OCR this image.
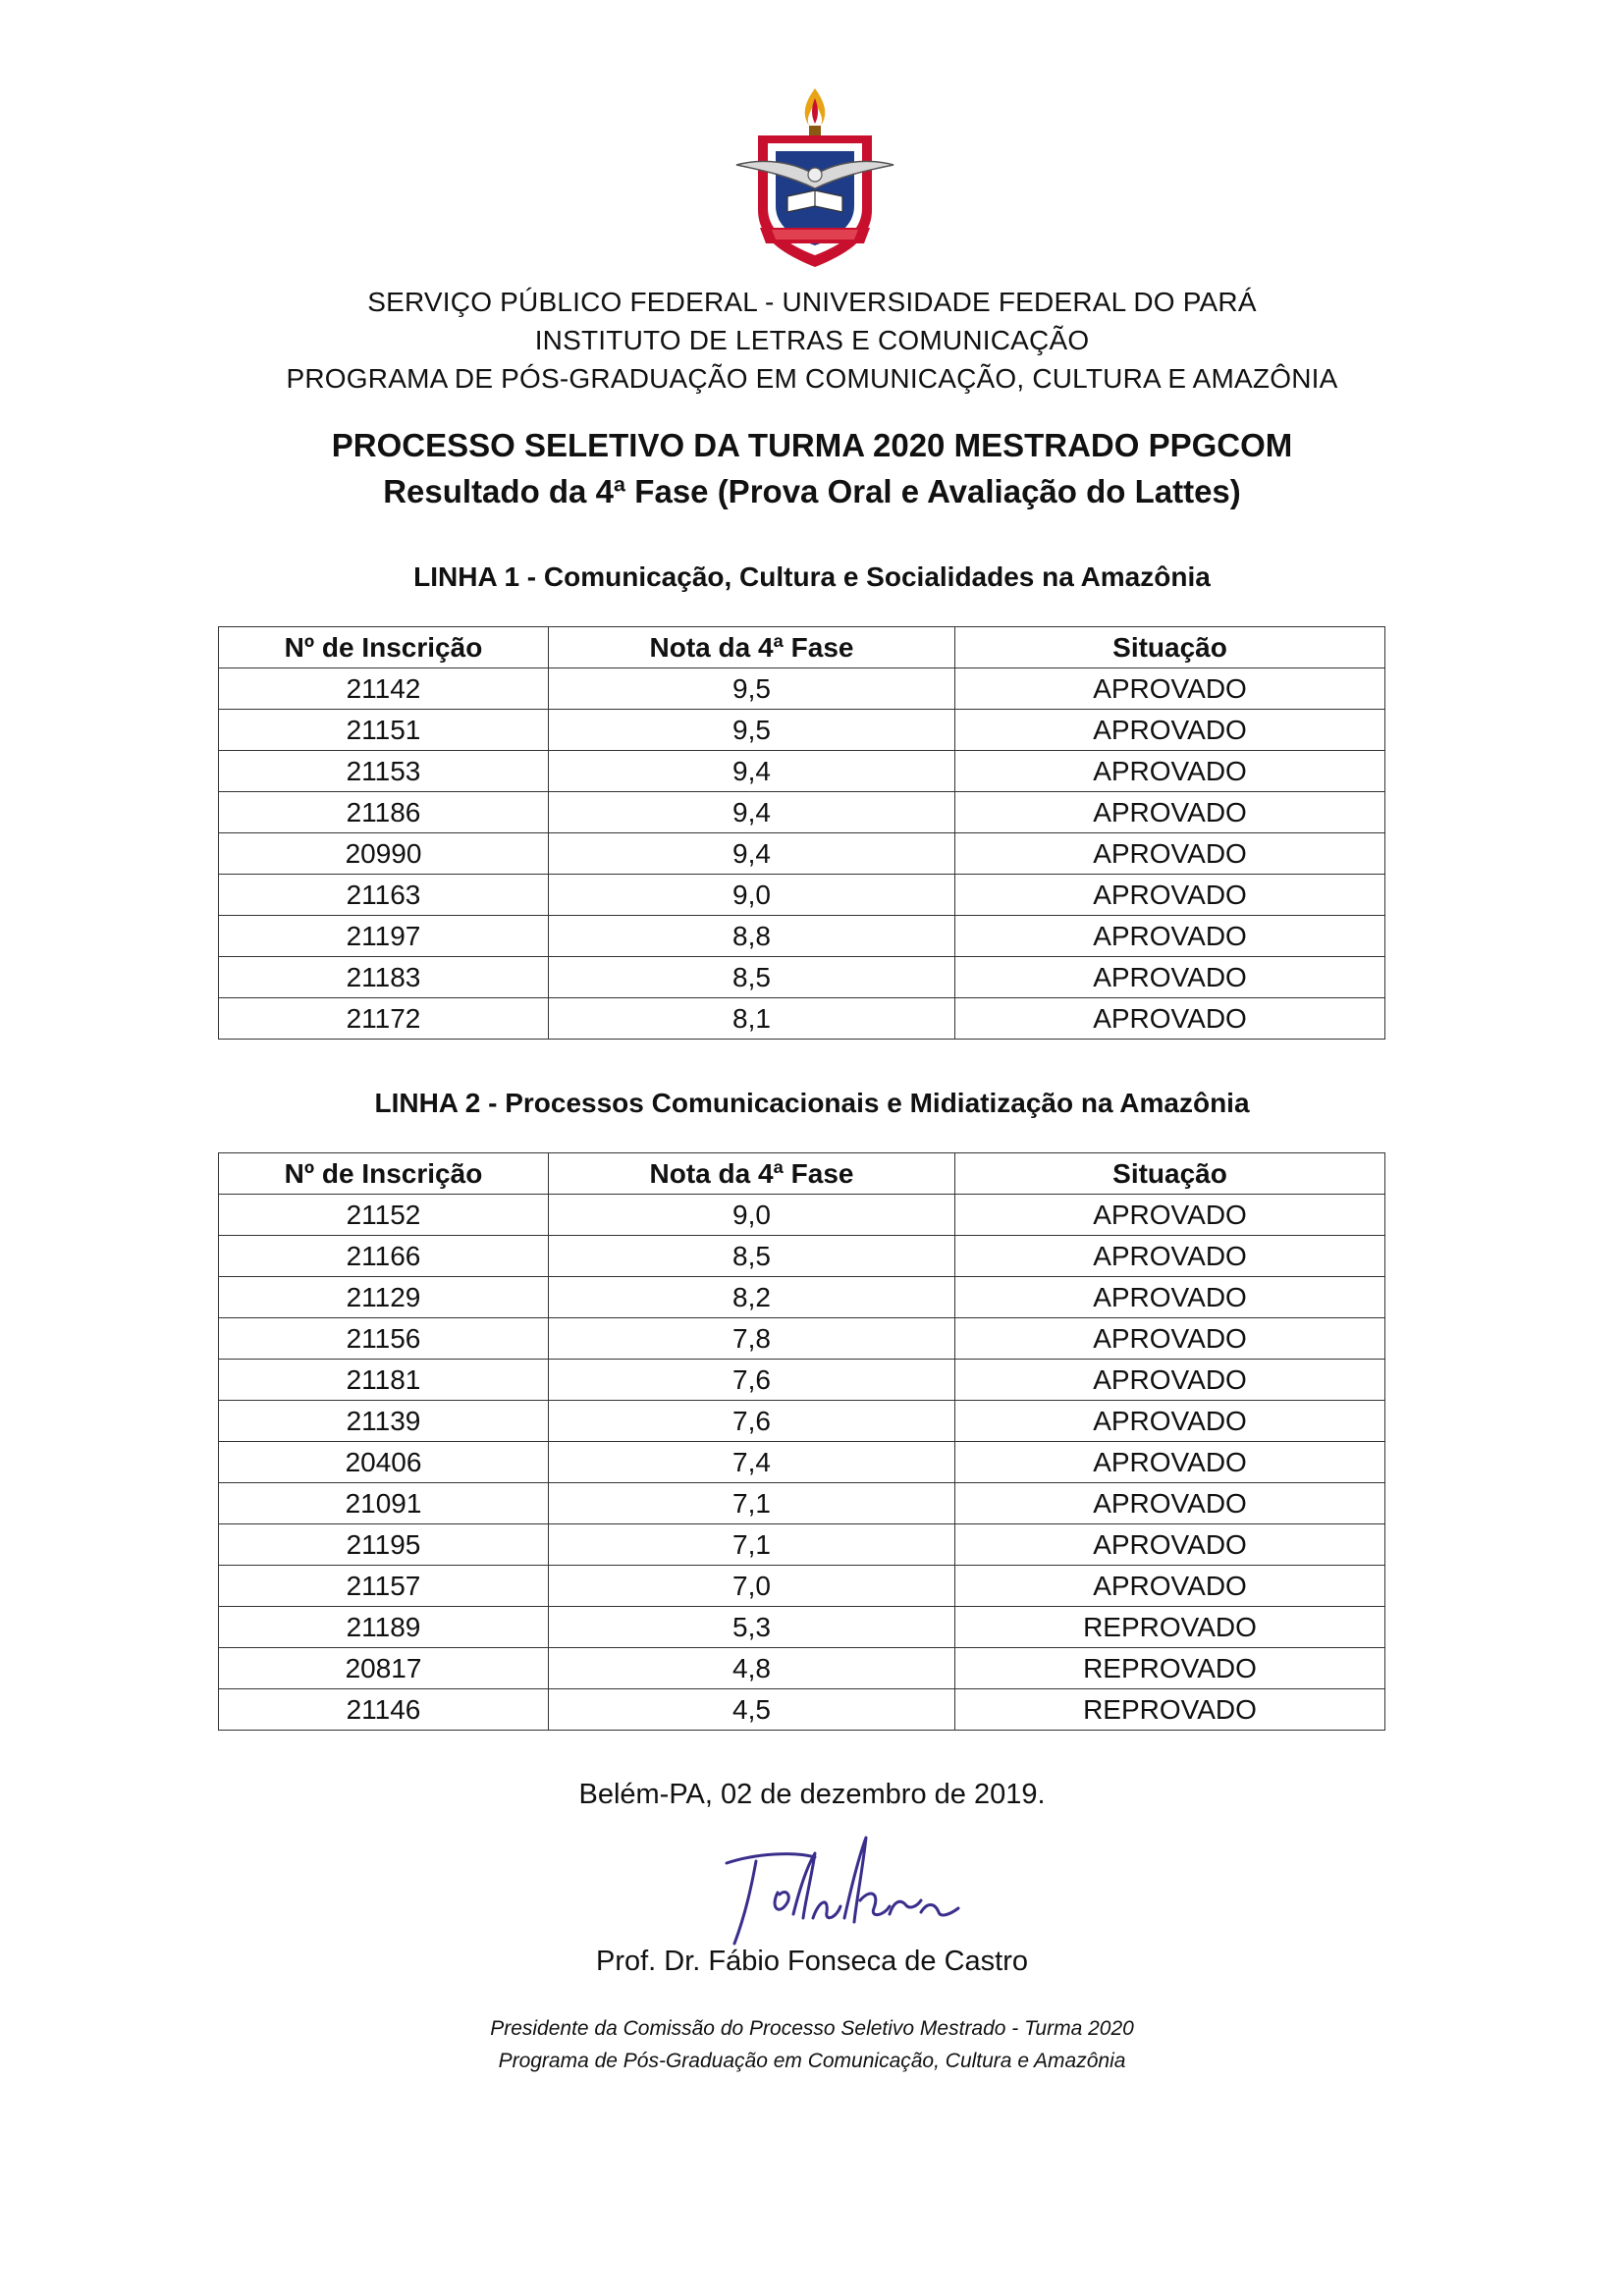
SERVIÇO PÚBLICO FEDERAL - UNIVERSIDADE FEDERAL DO PARÁ
INSTITUTO DE LETRAS E COMUNICAÇÃO
PROGRAMA DE PÓS-GRADUAÇÃO EM COMUNICAÇÃO, CULTURA E AMAZÔNIA
PROCESSO SELETIVO DA TURMA 2020 MESTRADO PPGCOM
Resultado da 4ª Fase (Prova Oral e Avaliação do Lattes)
LINHA 1 - Comunicação, Cultura e Socialidades na Amazônia
Nº de Inscrição	Nota da 4ª Fase	Situação
21142	9,5	APROVADO
21151	9,5	APROVADO
21153	9,4	APROVADO
21186	9,4	APROVADO
20990	9,4	APROVADO
21163	9,0	APROVADO
21197	8,8	APROVADO
21183	8,5	APROVADO
21172	8,1	APROVADO
LINHA 2 - Processos Comunicacionais e Midiatização na Amazônia
Nº de Inscrição	Nota da 4ª Fase	Situação
21152	9,0	APROVADO
21166	8,5	APROVADO
21129	8,2	APROVADO
21156	7,8	APROVADO
21181	7,6	APROVADO
21139	7,6	APROVADO
20406	7,4	APROVADO
21091	7,1	APROVADO
21195	7,1	APROVADO
21157	7,0	APROVADO
21189	5,3	REPROVADO
20817	4,8	REPROVADO
21146	4,5	REPROVADO
Belém-PA, 02 de dezembro de 2019.
Prof. Dr. Fábio Fonseca de Castro
Presidente da Comissão do Processo Seletivo Mestrado - Turma 2020
Programa de Pós-Graduação em Comunicação, Cultura e Amazônia
